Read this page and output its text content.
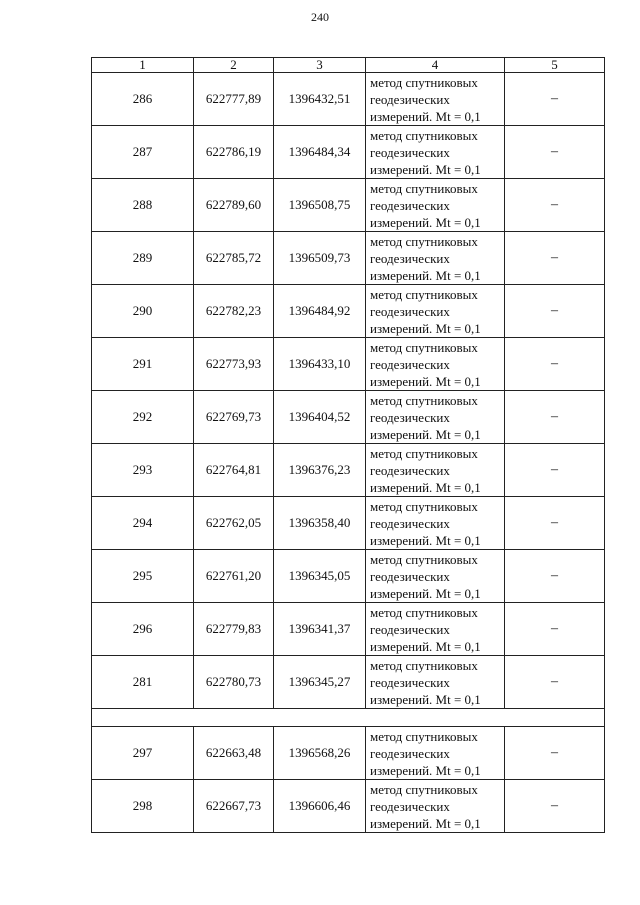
240
1	2	3	4	5
286	622777,89	1396432,51	метод спутниковых
геодезических
измерений. Mt = 0,1	–
287	622786,19	1396484,34	метод спутниковых
геодезических
измерений. Mt = 0,1	–
288	622789,60	1396508,75	метод спутниковых
геодезических
измерений. Mt = 0,1	–
289	622785,72	1396509,73	метод спутниковых
геодезических
измерений. Mt = 0,1	–
290	622782,23	1396484,92	метод спутниковых
геодезических
измерений. Mt = 0,1	–
291	622773,93	1396433,10	метод спутниковых
геодезических
измерений. Mt = 0,1	–
292	622769,73	1396404,52	метод спутниковых
геодезических
измерений. Mt = 0,1	–
293	622764,81	1396376,23	метод спутниковых
геодезических
измерений. Mt = 0,1	–
294	622762,05	1396358,40	метод спутниковых
геодезических
измерений. Mt = 0,1	–
295	622761,20	1396345,05	метод спутниковых
геодезических
измерений. Mt = 0,1	–
296	622779,83	1396341,37	метод спутниковых
геодезических
измерений. Mt = 0,1	–
281	622780,73	1396345,27	метод спутниковых
геодезических
измерений. Mt = 0,1	–

297	622663,48	1396568,26	метод спутниковых
геодезических
измерений. Mt = 0,1	–
298	622667,73	1396606,46	метод спутниковых
геодезических
измерений. Mt = 0,1	–
